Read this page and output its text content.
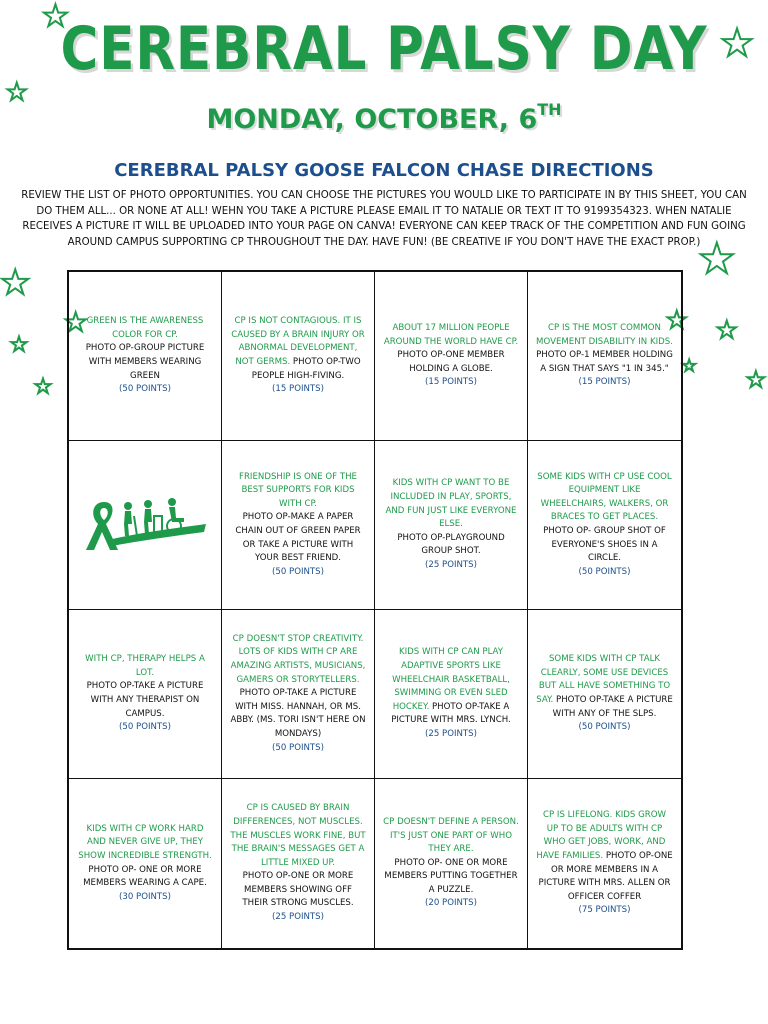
★
★
★
★
★
★
★
★
★ ★
★
★
CEREBRAL PALSY DAY
MONDAY, OCTOBER, 6TH
CEREBRAL PALSY GOOSE FALCON CHASE DIRECTIONS
REVIEW THE LIST OF PHOTO OPPORTUNITIES. YOU CAN CHOOSE THE PICTURES YOU WOULD LIKE TO PARTICIPATE IN BY THIS SHEET, YOU CAN DO THEM ALL... OR NONE AT ALL! WEHN YOU TAKE A PICTURE PLEASE EMAIL IT TO NATALIE OR TEXT IT TO 9199354323. WHEN NATALIE RECEIVES A PICTURE IT WILL BE UPLOADED INTO YOUR PAGE ON CANVA! EVERYONE CAN KEEP TRACK OF THE COMPETITION AND FUN GOING AROUND CAMPUS SUPPORTING CP THROUGHOUT THE DAY. HAVE FUN! (BE CREATIVE IF YOU DON'T HAVE THE EXACT PROP.)
GREEN IS THE AWARENESS COLOR FOR CP.
PHOTO OP-GROUP PICTURE WITH MEMBERS WEARING GREEN
(50 POINTS)
CP IS NOT CONTAGIOUS. IT IS CAUSED BY A BRAIN INJURY OR ABNORMAL DEVELOPMENT, NOT GERMS. PHOTO OP-TWO PEOPLE HIGH-FIVING.
(15 POINTS)
ABOUT 17 MILLION PEOPLE AROUND THE WORLD HAVE CP.
PHOTO OP-ONE MEMBER HOLDING A GLOBE.
(15 POINTS)
CP IS THE MOST COMMON MOVEMENT DISABILITY IN KIDS.
PHOTO OP-1 MEMBER HOLDING A SIGN THAT SAYS "1 IN 345."
(15 POINTS)
FRIENDSHIP IS ONE OF THE BEST SUPPORTS FOR KIDS WITH CP.
PHOTO OP-MAKE A PAPER CHAIN OUT OF GREEN PAPER OR TAKE A PICTURE WITH YOUR BEST FRIEND.
(50 POINTS)
KIDS WITH CP WANT TO BE INCLUDED IN PLAY, SPORTS, AND FUN JUST LIKE EVERYONE ELSE.
PHOTO OP-PLAYGROUND GROUP SHOT.
(25 POINTS)
SOME KIDS WITH CP USE COOL EQUIPMENT LIKE WHEELCHAIRS, WALKERS, OR BRACES TO GET PLACES. PHOTO OP- GROUP SHOT OF EVERYONE'S SHOES IN A CIRCLE.
(50 POINTS)
WITH CP, THERAPY HELPS A LOT.
PHOTO OP-TAKE A PICTURE WITH ANY THERAPIST ON CAMPUS.
(50 POINTS)
CP DOESN'T STOP CREATIVITY. LOTS OF KIDS WITH CP ARE AMAZING ARTISTS, MUSICIANS, GAMERS OR STORYTELLERS.
PHOTO OP-TAKE A PICTURE WITH MISS. HANNAH, OR MS. ABBY. (MS. TORI ISN'T HERE ON MONDAYS)
(50 POINTS)
KIDS WITH CP CAN PLAY ADAPTIVE SPORTS LIKE WHEELCHAIR BASKETBALL, SWIMMING OR EVEN SLED HOCKEY. PHOTO OP-TAKE A PICTURE WITH MRS. LYNCH.
(25 POINTS)
SOME KIDS WITH CP TALK CLEARLY, SOME USE DEVICES BUT ALL HAVE SOMETHING TO SAY. PHOTO OP-TAKE A PICTURE WITH ANY OF THE SLPS.
(50 POINTS)
KIDS WITH CP WORK HARD AND NEVER GIVE UP, THEY SHOW INCREDIBLE STRENGTH.
PHOTO OP- ONE OR MORE MEMBERS WEARING A CAPE.
(30 POINTS)
CP IS CAUSED BY BRAIN DIFFERENCES, NOT MUSCLES. THE MUSCLES WORK FINE, BUT THE BRAIN'S MESSAGES GET A LITTLE MIXED UP.
PHOTO OP-ONE OR MORE MEMBERS SHOWING OFF THEIR STRONG MUSCLES.
(25 POINTS)
CP DOESN'T DEFINE A PERSON. IT'S JUST ONE PART OF WHO THEY ARE.
PHOTO OP- ONE OR MORE MEMBERS PUTTING TOGETHER A PUZZLE.
(20 POINTS)
CP IS LIFELONG. KIDS GROW UP TO BE ADULTS WITH CP WHO GET JOBS, WORK, AND HAVE FAMILIES. PHOTO OP-ONE OR MORE MEMBERS IN A PICTURE WITH MRS. ALLEN OR OFFICER COFFER
(75 POINTS)
